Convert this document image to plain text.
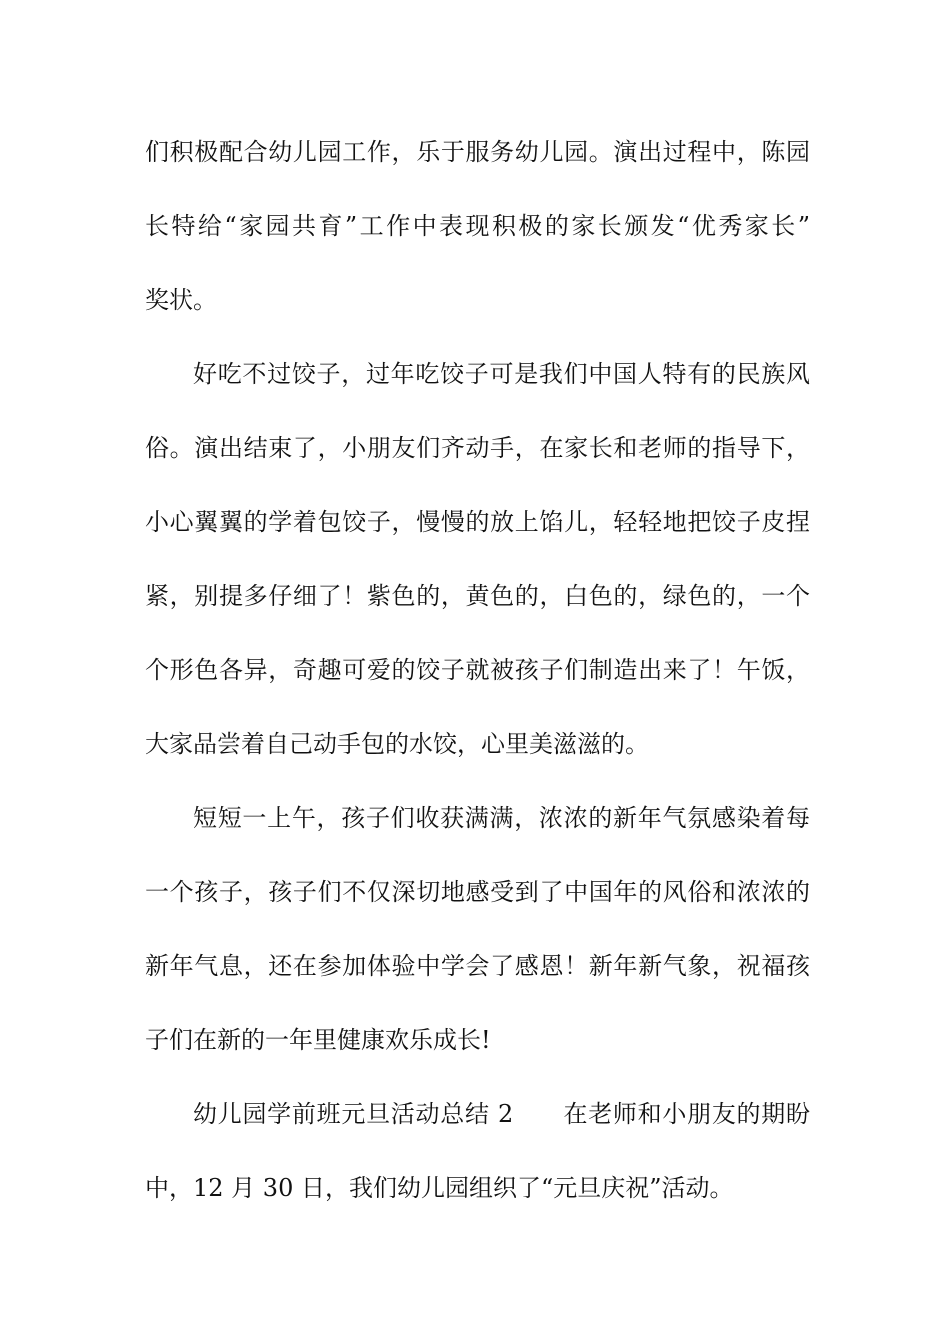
们积极配合幼儿园工作，乐于服务幼儿园。演出过程中，陈园

长特给“家园共育”工作中表现积极的家长颁发“优秀家长”

奖状。

好吃不过饺子，过年吃饺子可是我们中国人特有的民族风

俗。演出结束了，小朋友们齐动手，在家长和老师的指导下，

小心翼翼的学着包饺子，慢慢的放上馅儿，轻轻地把饺子皮捏

紧，别提多仔细了！紫色的，黄色的，白色的，绿色的，一个

个形色各异，奇趣可爱的饺子就被孩子们制造出来了！午饭，

大家品尝着自己动手包的水饺，心里美滋滋的。

短短一上午，孩子们收获满满，浓浓的新年气氛感染着每

一个孩子，孩子们不仅深切地感受到了中国年的风俗和浓浓的

新年气息，还在参加体验中学会了感恩！新年新气象，祝福孩

子们在新的一年里健康欢乐成长!

幼儿园学前班元旦活动总结 2　　在老师和小朋友的期盼

中，12 月 30 日，我们幼儿园组织了“元旦庆祝”活动。
